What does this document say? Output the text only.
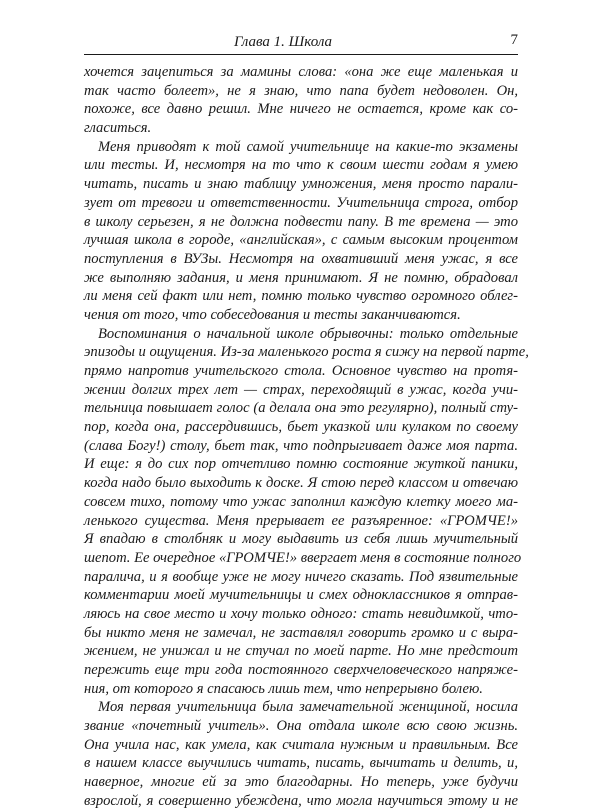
Глава 1. Школа	7
хочется зацепиться за мамины слова: «она же еще маленькая и
так часто болеет», не я знаю, что папа будет недоволен. Он,
похоже, все давно решил. Мне ничего не остается, кроме как со-
гласиться.
Меня приводят к той самой учительнице на какие-то экзамены
или тесты. И, несмотря на то что к своим шести годам я умею
читать, писать и знаю таблицу умножения, меня просто парали-
зует от тревоги и ответственности. Учительница строга, отбор
в школу серьезен, я не должна подвести папу. В те времена — это
лучшая школа в городе, «английская», с самым высоким процентом
поступления в ВУЗы. Несмотря на охвативший меня ужас, я все
же выполняю задания, и меня принимают. Я не помню, обрадовал
ли меня сей факт или нет, помню только чувство огромного облег-
чения от того, что собеседования и тесты заканчиваются.
Воспоминания о начальной школе обрывочны: только отдельные
эпизоды и ощущения. Из-за маленького роста я сижу на первой парте,
прямо напротив учительского стола. Основное чувство на протя-
жении долгих трех лет — страх, переходящий в ужас, когда учи-
тельница повышает голос (а делала она это регулярно), полный сту-
пор, когда она, рассердившись, бьет указкой или кулаком по своему
(слава Богу!) столу, бьет так, что подпрыгивает даже моя парта.
И еще: я до сих пор отчетливо помню состояние жуткой паники,
когда надо было выходить к доске. Я стою перед классом и отвечаю
совсем тихо, потому что ужас заполнил каждую клетку моего ма-
ленького существа. Меня прерывает ее разъяренное: «ГРОМЧЕ!»
Я впадаю в столбняк и могу выдавить из себя лишь мучительный
шепот. Ее очередное «ГРОМЧЕ!» ввергает меня в состояние полного
паралича, и я вообще уже не могу ничего сказать. Под язвительные
комментарии моей мучительницы и смех одноклассников я отправ-
ляюсь на свое место и хочу только одного: стать невидимкой, что-
бы никто меня не замечал, не заставлял говорить громко и с выра-
жением, не унижал и не стучал по моей парте. Но мне предстоит
пережить еще три года постоянного сверхчеловеческого напряже-
ния, от которого я спасаюсь лишь тем, что непрерывно болею.
Моя первая учительница была замечательной женщиной, носила
звание «почетный учитель». Она отдала школе всю свою жизнь.
Она учила нас, как умела, как считала нужным и правильным. Все
в нашем классе выучились читать, писать, вычитать и делить, и,
наверное, многие ей за это благодарны. Но теперь, уже будучи
взрослой, я совершенно убеждена, что могла научиться этому и не
